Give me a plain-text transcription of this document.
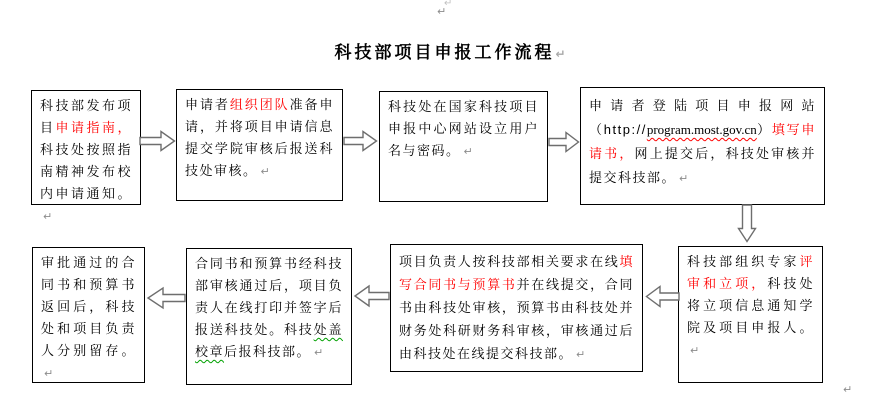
↵
↵
科技部项目申报工作流程↵

科技部发布项目申请指南，科技处按照指南精神发布校内申请通知。↵

申请者组织团队准备申请，并将项目申请信息提交学院审核后报送科技处审核。 ↵

科技处在国家科技项目申报中心网站设立用户名与密码。 ↵

申请者登陆项目申报网站（http://program.most.gov.cn）填写申请书，网上提交后，科技处审核并提交科技部。 ↵

科技部组织专家评审和立项，科技处将立项信息通知学院及项目申报人。↵

项目负责人按科技部相关要求在线填写合同书与预算书并在线提交，合同书由科技处审核，预算书由科技处并财务处科研财务科审核，审核通过后由科技处在线提交科技部。 ↵

合同书和预算书经科技部审核通过后，项目负责人在线打印并签字后报送科技处。科技处盖校章后报科技部。 ↵

审批通过的合同书和预算书返回后，科技处和项目负责人分别留存。↵

↵
